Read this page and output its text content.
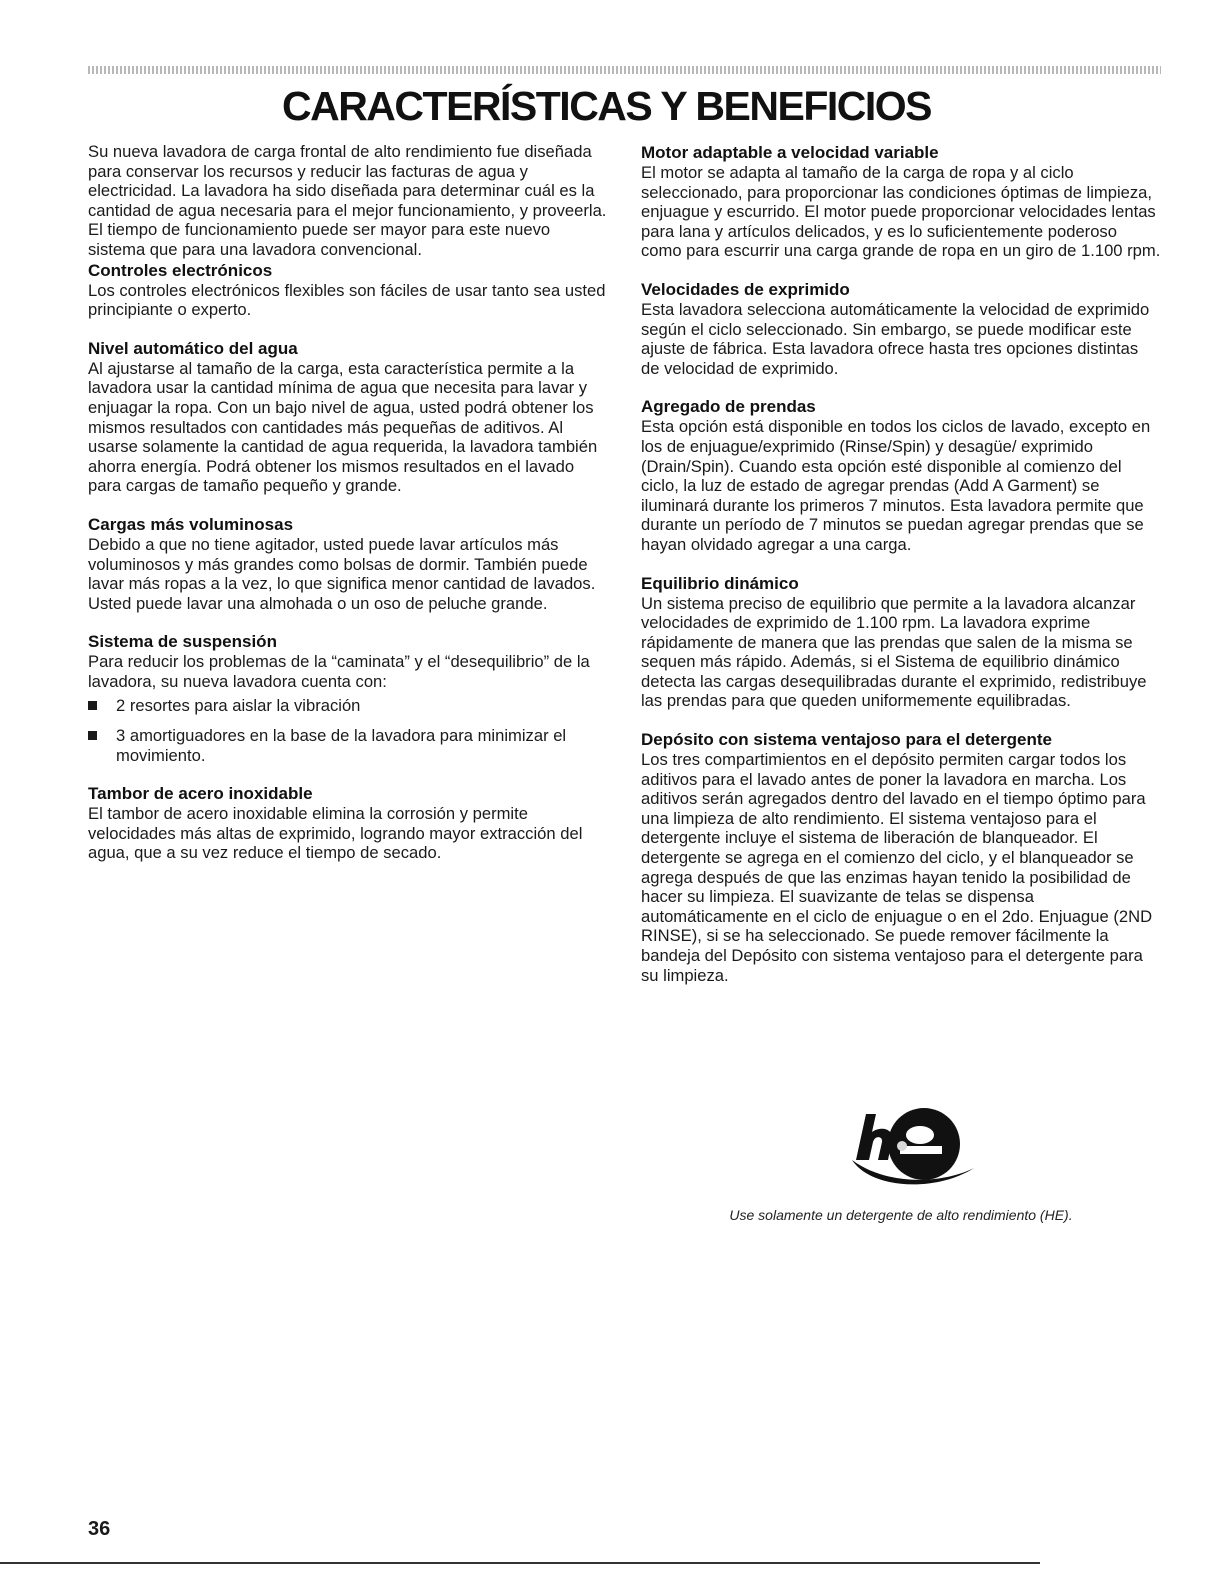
CARACTERÍSTICAS Y BENEFICIOS

Su nueva lavadora de carga frontal de alto rendimiento fue diseñada para conservar los recursos y reducir las facturas de agua y electricidad. La lavadora ha sido diseñada para determinar cuál es la cantidad de agua necesaria para el mejor funcionamiento, y proveerla. El tiempo de funcionamiento puede ser mayor para este nuevo sistema que para una lavadora convencional.

Controles electrónicos

Los controles electrónicos flexibles son fáciles de usar tanto sea usted principiante o experto.

Nivel automático del agua

Al ajustarse al tamaño de la carga, esta característica permite a la lavadora usar la cantidad mínima de agua que necesita para lavar y enjuagar la ropa. Con un bajo nivel de agua, usted podrá obtener los mismos resultados con cantidades más pequeñas de aditivos. Al usarse solamente la cantidad de agua requerida, la lavadora también ahorra energía. Podrá obtener los mismos resultados en el lavado para cargas de tamaño pequeño y grande.

Cargas más voluminosas

Debido a que no tiene agitador, usted puede lavar artículos más voluminosos y más grandes como bolsas de dormir. También puede lavar más ropas a la vez, lo que significa menor cantidad de lavados. Usted puede lavar una almohada o un oso de peluche grande.

Sistema de suspensión

Para reducir los problemas de la “caminata” y el “desequilibrio” de la lavadora, su nueva lavadora cuenta con:

2 resortes para aislar la vibración
3 amortiguadores en la base de la lavadora para minimizar el movimiento.
Tambor de acero inoxidable

El tambor de acero inoxidable elimina la corrosión y permite velocidades más altas de exprimido, logrando mayor extracción del agua, que a su vez reduce el tiempo de secado.

Motor adaptable a velocidad variable

El motor se adapta al tamaño de la carga de ropa y al ciclo seleccionado, para proporcionar las condiciones óptimas de limpieza, enjuague y escurrido. El motor puede proporcionar velocidades lentas para lana y artículos delicados, y es lo suficientemente poderoso como para escurrir una carga grande de ropa en un giro de 1.100 rpm.

Velocidades de exprimido

Esta lavadora selecciona automáticamente la velocidad de exprimido según el ciclo seleccionado. Sin embargo, se puede modificar este ajuste de fábrica. Esta lavadora ofrece hasta tres opciones distintas de velocidad de exprimido.

Agregado de prendas

Esta opción está disponible en todos los ciclos de lavado, excepto en los de enjuague/exprimido (Rinse/Spin) y desagüe/ exprimido (Drain/Spin). Cuando esta opción esté disponible al comienzo del ciclo, la luz de estado de agregar prendas (Add A Garment) se iluminará durante los primeros 7 minutos. Esta lavadora permite que durante un período de 7 minutos se puedan agregar prendas que se hayan olvidado agregar a una carga.

Equilibrio dinámico

Un sistema preciso de equilibrio que permite a la lavadora alcanzar velocidades de exprimido de 1.100 rpm. La lavadora exprime rápidamente de manera que las prendas que salen de la misma se sequen más rápido. Además, si el Sistema de equilibrio dinámico detecta las cargas desequilibradas durante el exprimido, redistribuye las prendas para que queden uniformemente equilibradas.

Depósito con sistema ventajoso para el detergente

Los tres compartimientos en el depósito permiten cargar todos los aditivos para el lavado antes de poner la lavadora en marcha. Los aditivos serán agregados dentro del lavado en el tiempo óptimo para una limpieza de alto rendimiento. El sistema ventajoso para el detergente incluye el sistema de liberación de blanqueador. El detergente se agrega en el comienzo del ciclo, y el blanqueador se agrega después de que las enzimas hayan tenido la posibilidad de hacer su limpieza. El suavizante de telas se dispensa automáticamente en el ciclo de enjuague o en el 2do. Enjuague (2ND RINSE), si se ha seleccionado. Se puede remover fácilmente la bandeja del Depósito con sistema ventajoso para el detergente para su limpieza.

Use solamente un detergente de alto rendimiento (HE).
36
